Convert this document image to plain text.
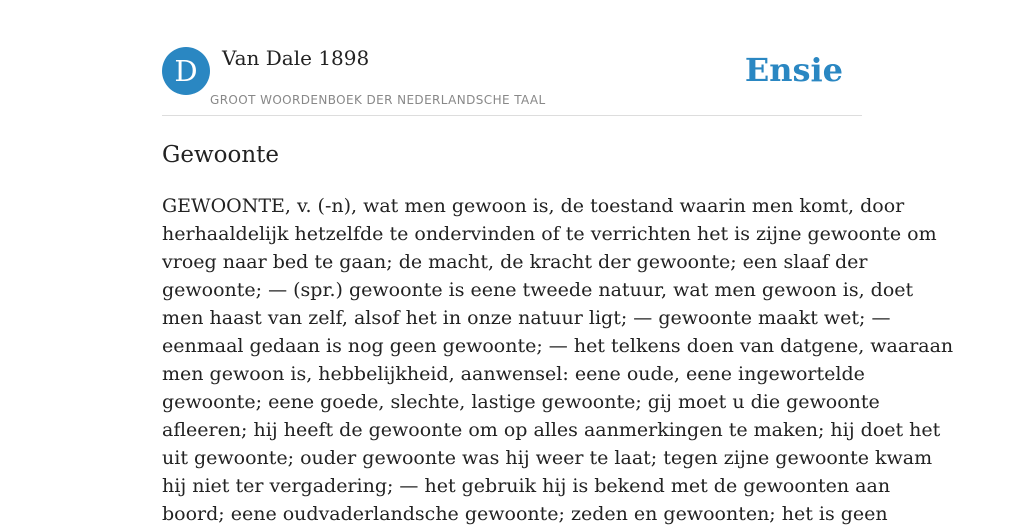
D	Van Dale 1898
GROOT WOORDENBOEK DER NEDERLANDSCHE TAAL
Ensie
Gewoonte

GEWOONTE, v. (-n), wat men gewoon is, de toestand waarin men komt, door
herhaaldelijk hetzelfde te ondervinden of te verrichten het is zijne gewoonte om
vroeg naar bed te gaan; de macht, de kracht der gewoonte; een slaaf der
gewoonte; — (spr.) gewoonte is eene tweede natuur, wat men gewoon is, doet
men haast van zelf, alsof het in onze natuur ligt; — gewoonte maakt wet; —
eenmaal gedaan is nog geen gewoonte; — het telkens doen van datgene, waaraan
men gewoon is, hebbelijkheid, aanwensel: eene oude, eene ingewortelde
gewoonte; eene goede, slechte, lastige gewoonte; gij moet u die gewoonte
afleeren; hij heeft de gewoonte om op alles aanmerkingen te maken; hij doet het
uit gewoonte; ouder gewoonte was hij weer te laat; tegen zijne gewoonte kwam
hij niet ter vergadering; — het gebruik hij is bekend met de gewoonten aan
boord; eene oudvaderlandsche gewoonte; zeden en gewoonten; het is geen
